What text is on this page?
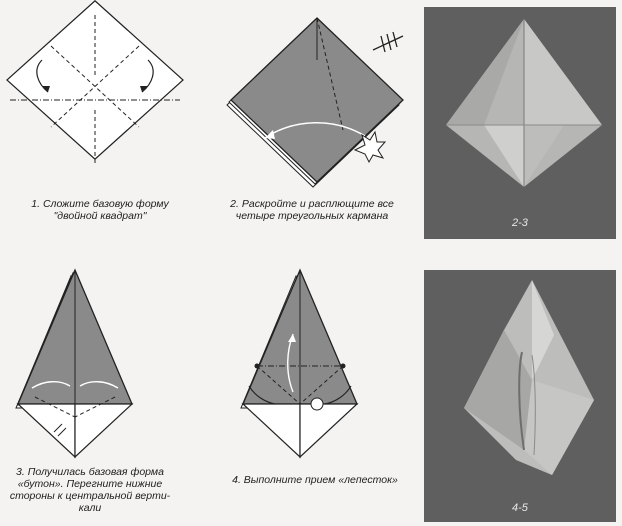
1. Сложите базовую форму
"двойной квадрат"
2. Раскройте и расплющите все
четыре треугольных кармана
3. Получилась базовая форма
«бутон». Перегните нижние
стороны к центральной верти-
кали
4. Выполните прием «лепесток»
2-3
4-5
